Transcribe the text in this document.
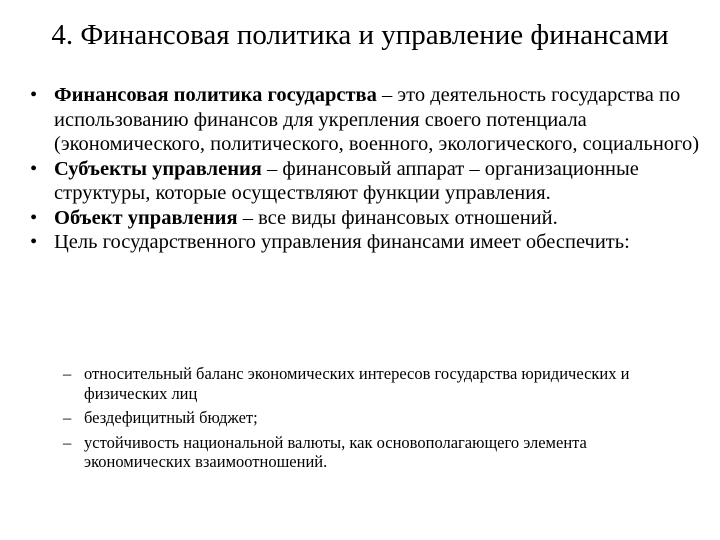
4. Финансовая политика и управление финансами
• Финансовая политика государства – это деятельность государства по использованию финансов для укрепления своего потенциала (экономического, политического, военного, экологического, социального)
• Субъекты управления – финансовый аппарат – организационные структуры, которые осуществляют функции управления.
• Объект управления – все виды финансовых отношений.
• Цель государственного управления финансами имеет обеспечить:
– относительный баланс экономических интересов государства юридических и физических лиц
– бездефицитный бюджет;
– устойчивость национальной валюты, как основополагающего элемента экономических взаимоотношений.
